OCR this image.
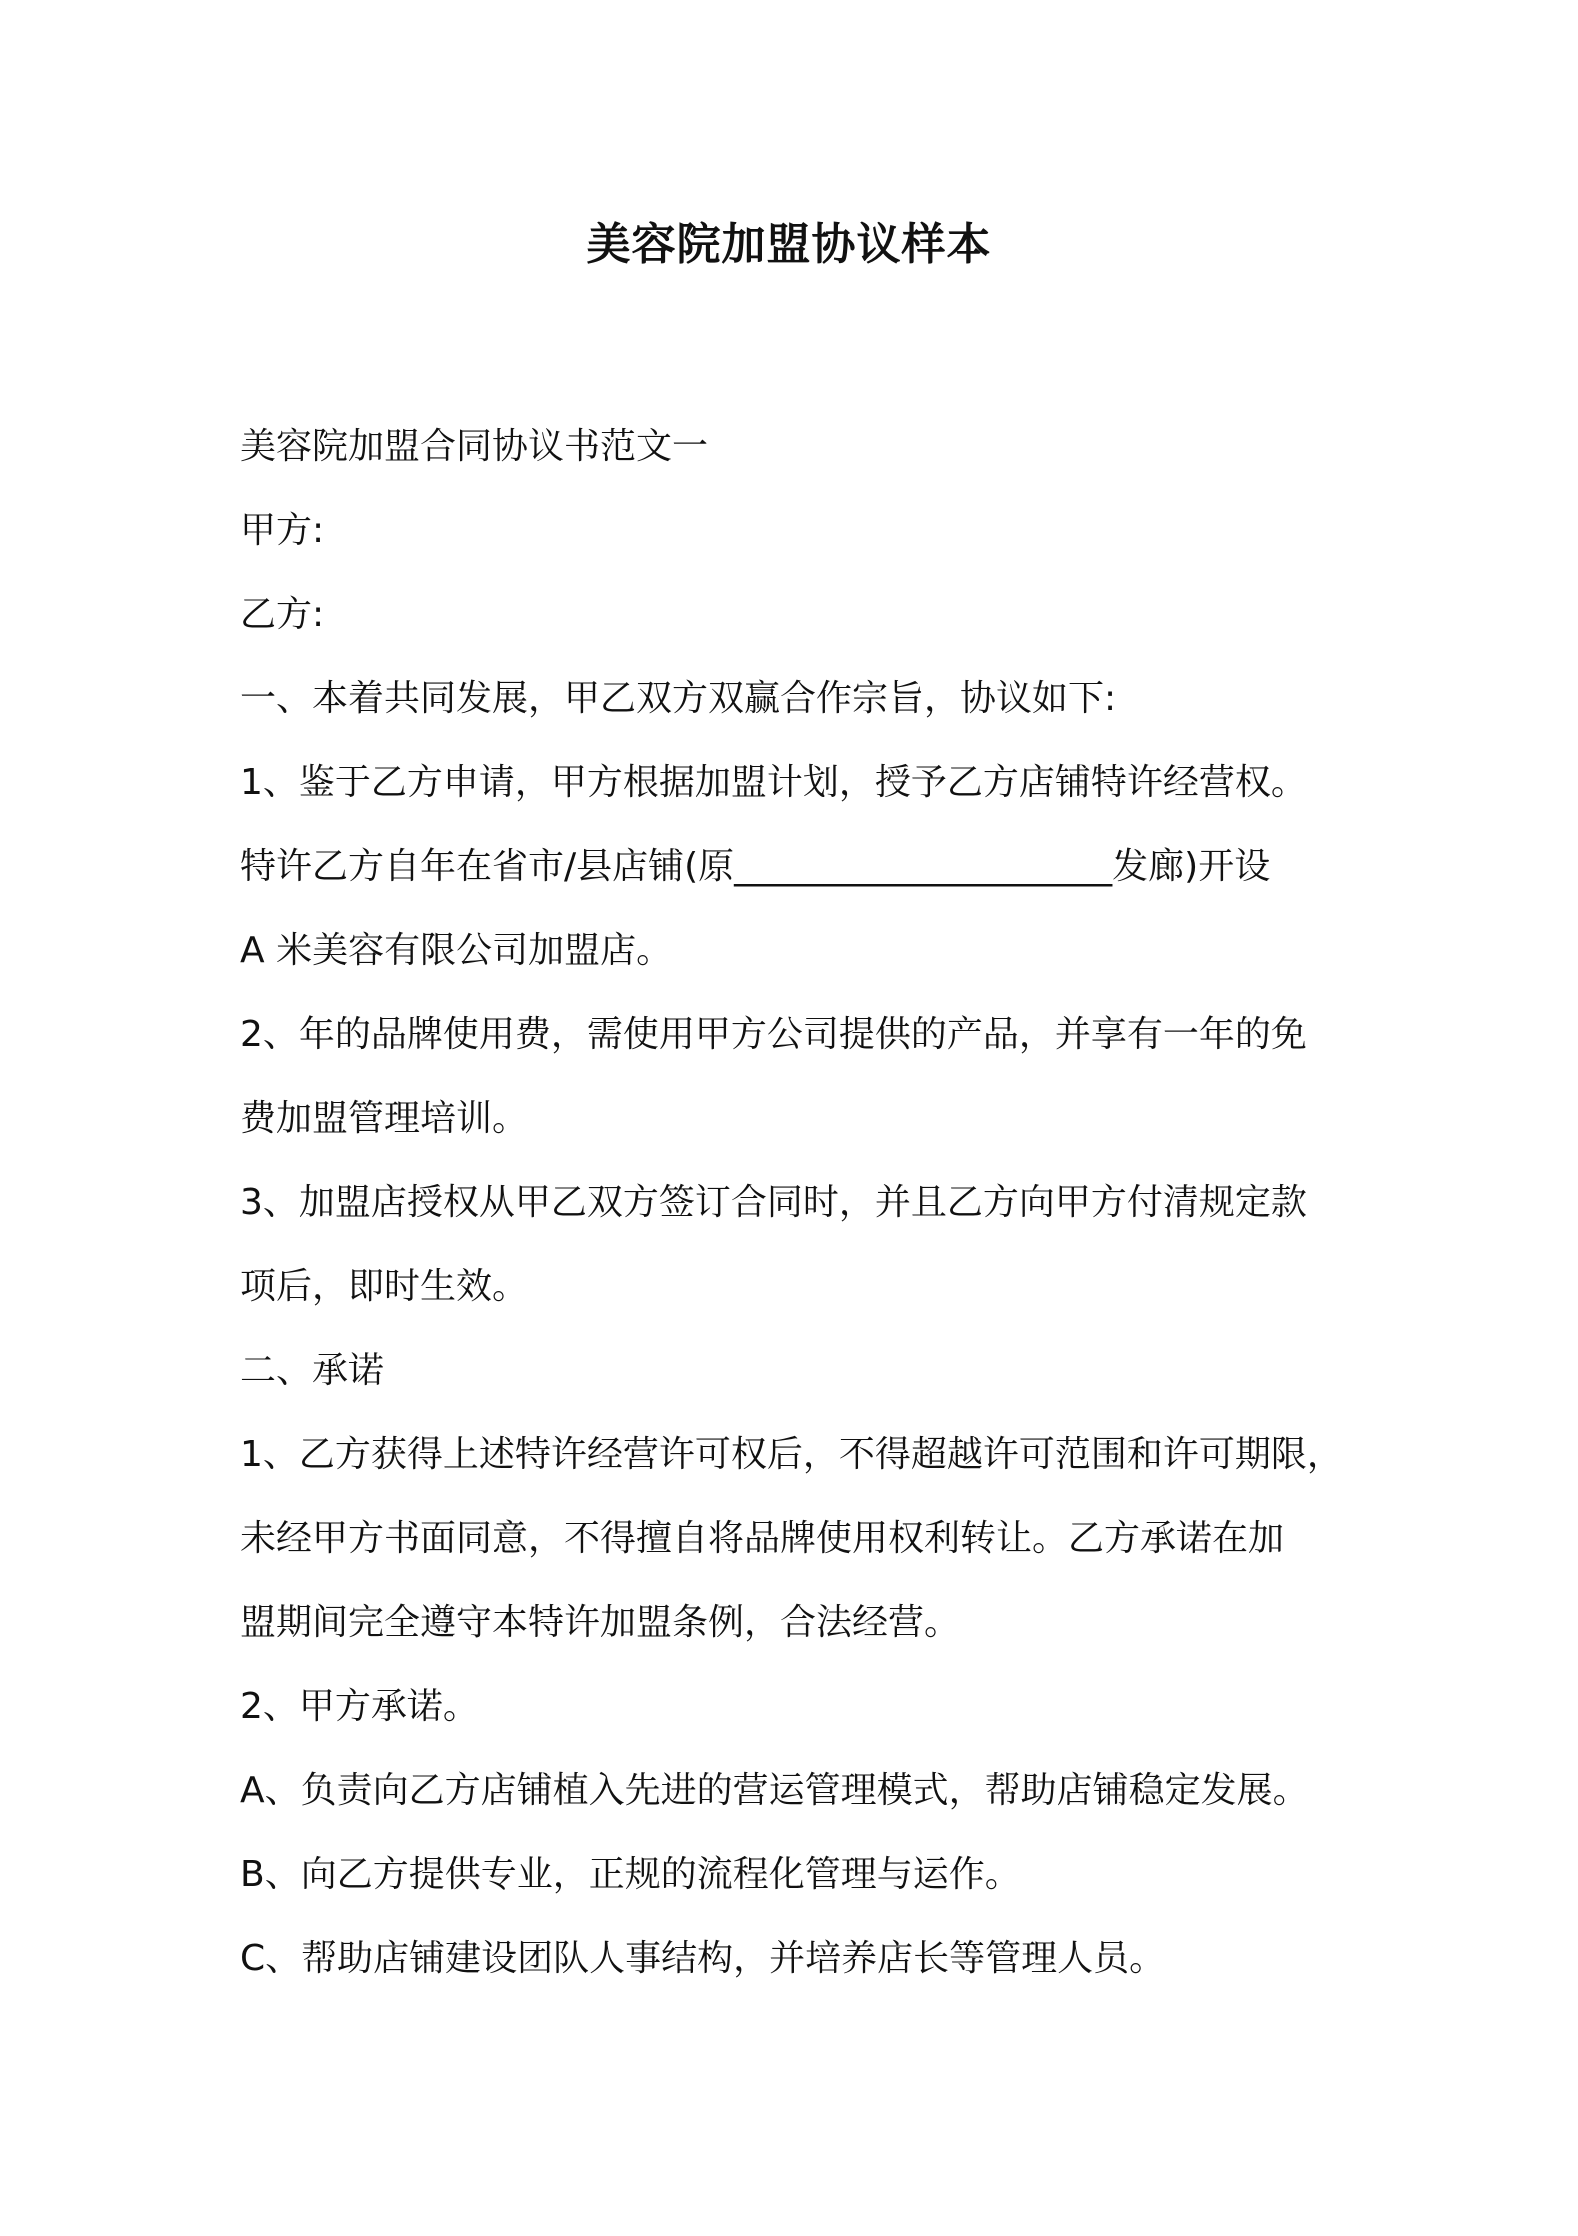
美容院加盟协议样本
美容院加盟合同协议书范文一
甲方:
乙方:
一、本着共同发展，甲乙双方双赢合作宗旨，协议如下:
1、鉴于乙方申请，甲方根据加盟计划，授予乙方店铺特许经营权。
特许乙方自年在省市/县店铺(原_____________________发廊)开设
A 米美容有限公司加盟店。
2、年的品牌使用费，需使用甲方公司提供的产品，并享有一年的免
费加盟管理培训。
3、加盟店授权从甲乙双方签订合同时，并且乙方向甲方付清规定款
项后，即时生效。
二、承诺
1、乙方获得上述特许经营许可权后，不得超越许可范围和许可期限，
未经甲方书面同意，不得擅自将品牌使用权利转让。乙方承诺在加
盟期间完全遵守本特许加盟条例，合法经营。
2、甲方承诺。
A、负责向乙方店铺植入先进的营运管理模式，帮助店铺稳定发展。
B、向乙方提供专业，正规的流程化管理与运作。
C、帮助店铺建设团队人事结构，并培养店长等管理人员。
